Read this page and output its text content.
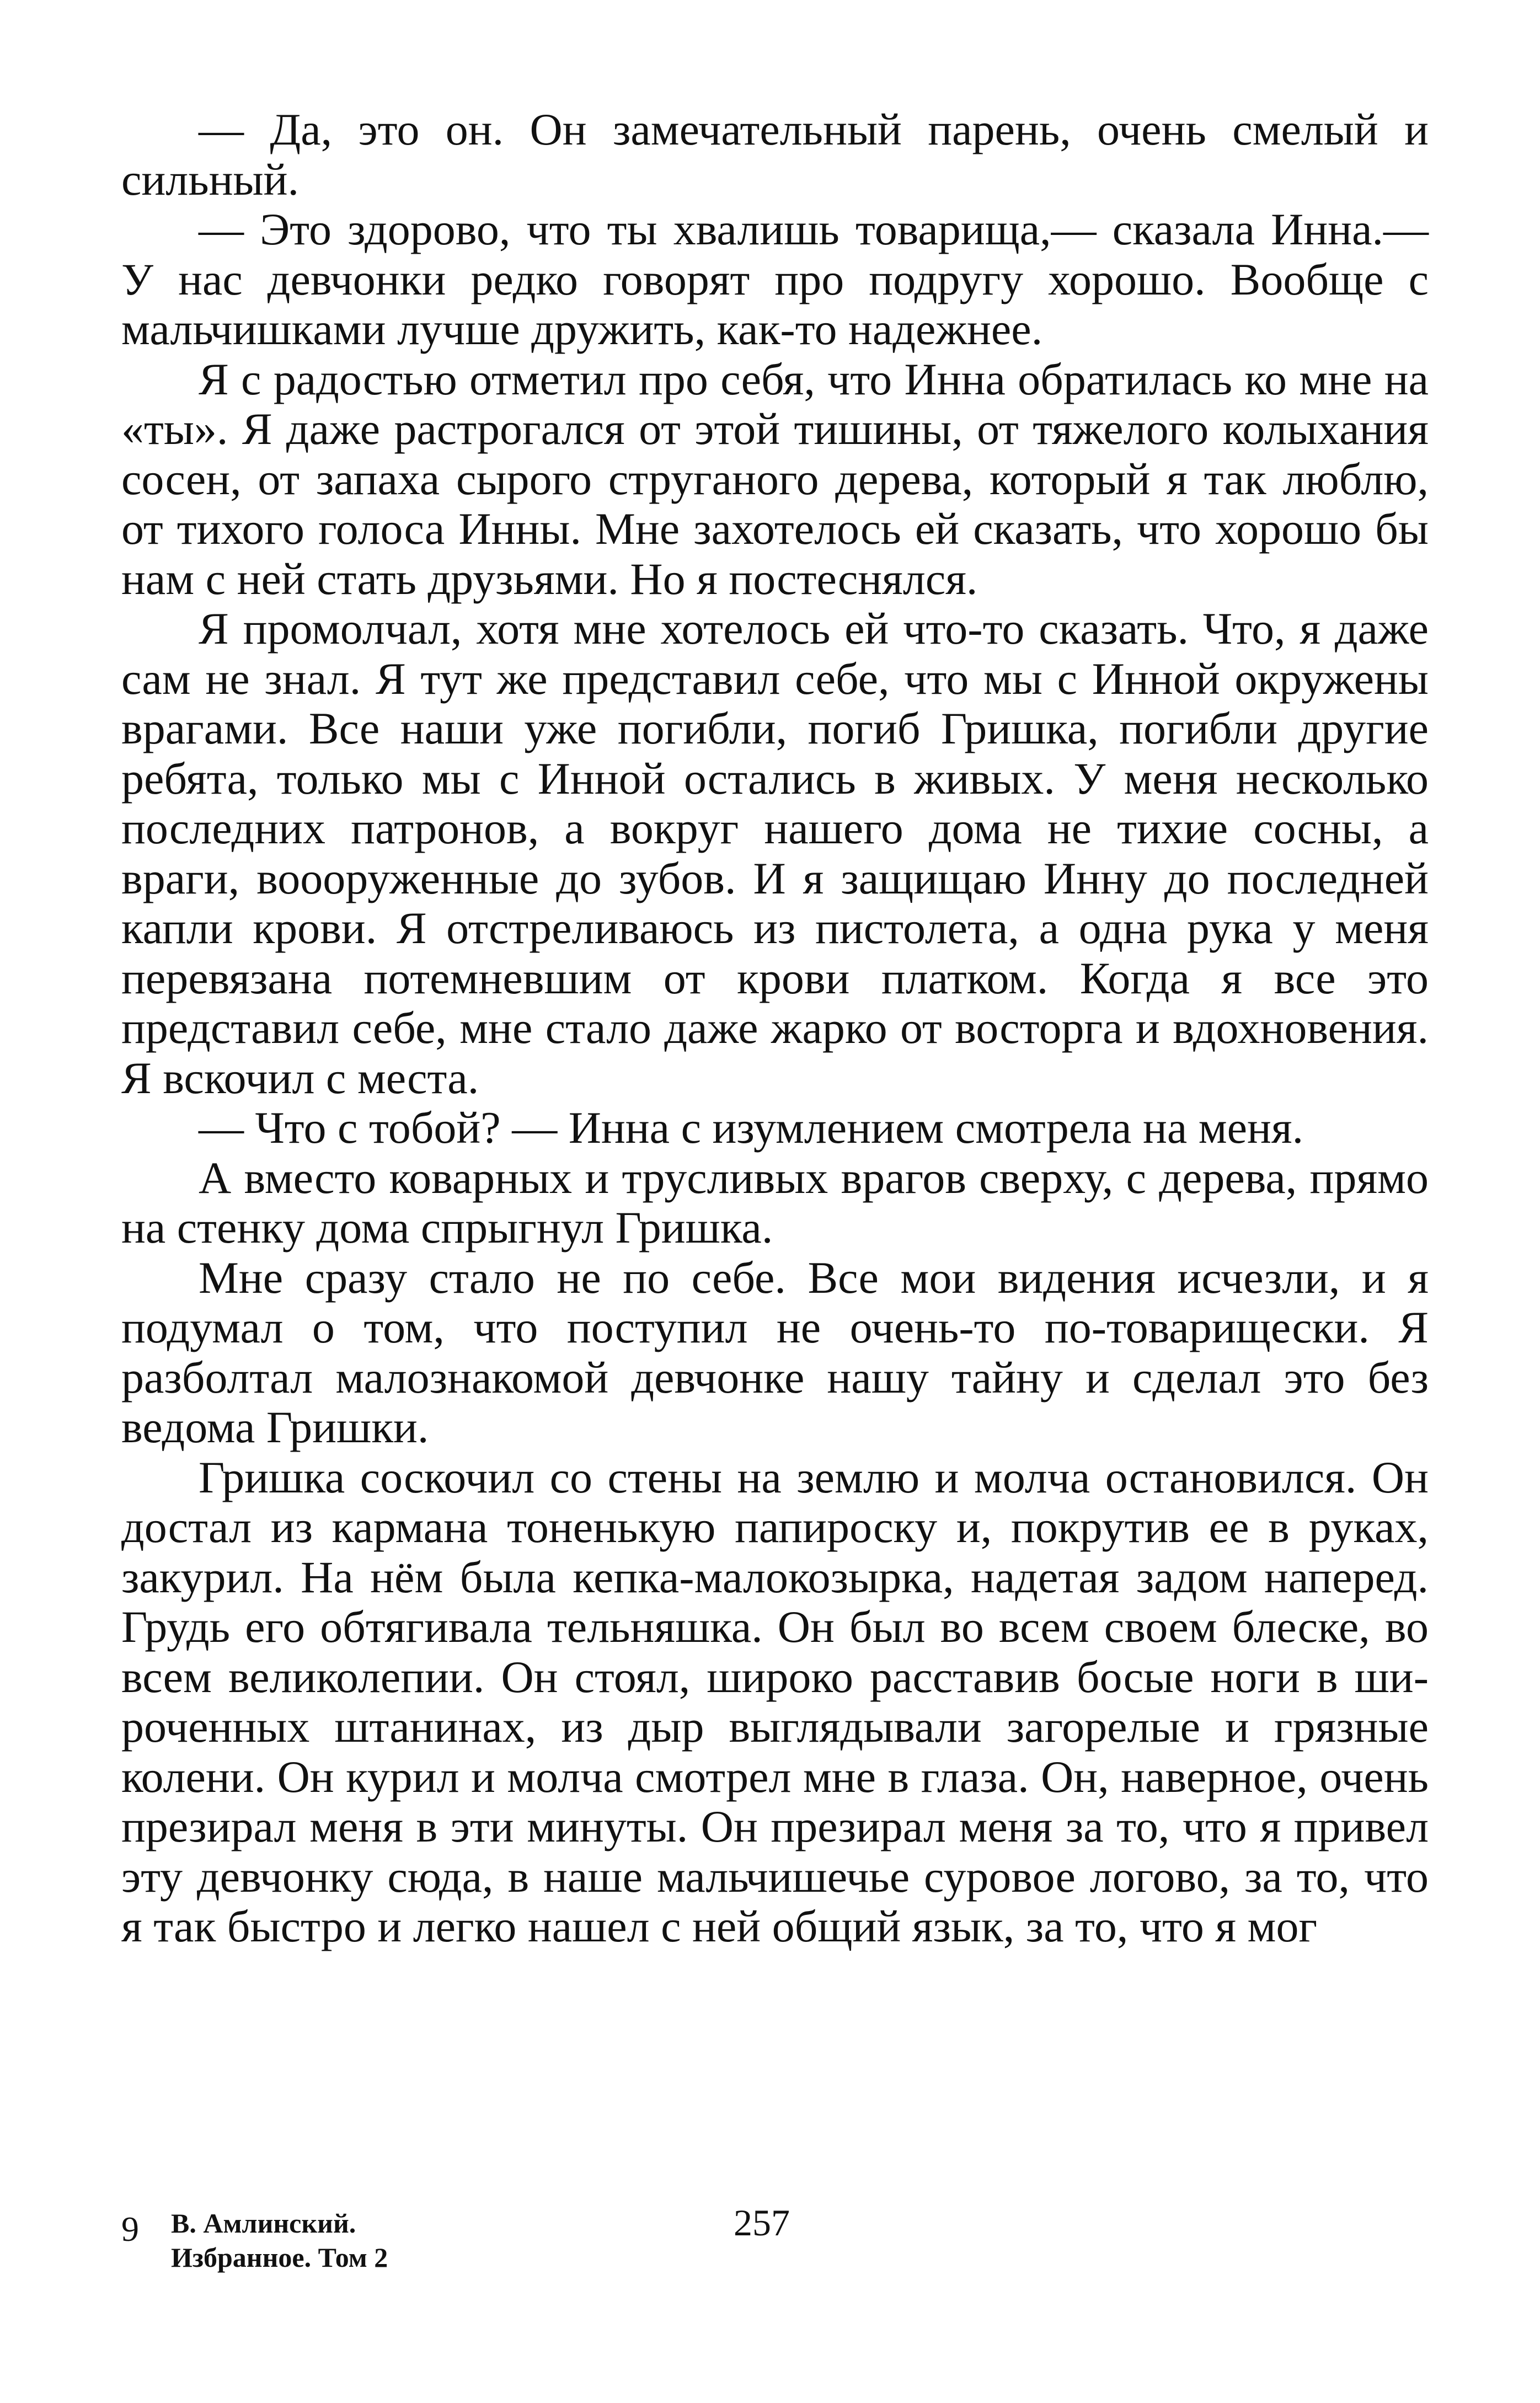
— Да, это он. Он замечательный парень, очень смелый и сильный.

— Это здорово, что ты хвалишь товарища,— сказала Инна.— У нас девчонки редко говорят про подругу хорошо. Вообще с мальчишками лучше дружить, как-то надежнее.

Я с радостью отметил про себя, что Инна обратилась ко мне на «ты». Я даже растрогался от этой тишины, от тяжелого колыхания сосен, от запаха сырого струганого дерева, который я так люблю, от тихого голоса Инны. Мне захотелось ей сказать, что хорошо бы нам с ней стать друзьями. Но я постеснялся.

Я промолчал, хотя мне хотелось ей что-то сказать. Что, я даже сам не знал. Я тут же представил себе, что мы с Инной окружены врагами. Все наши уже погибли, погиб Гришка, погибли другие ребята, только мы с Инной остались в живых. У меня несколько последних патронов, а вокруг нашего дома не тихие сосны, а враги, воооруженные до зубов. И я защищаю Инну до последней капли крови. Я отстреливаюсь из пистолета, а одна рука у меня перевязана потемневшим от крови платком. Когда я все это представил себе, мне стало даже жарко от восторга и вдохновения. Я вскочил с места.

— Что с тобой? — Инна с изумлением смотрела на меня.

А вместо коварных и трусливых врагов сверху, с дерева, прямо на стенку дома спрыгнул Гришка.

Мне сразу стало не по себе. Все мои видения исчезли, и я подумал о том, что поступил не очень-то по-товарищески. Я разболтал малознакомой девчонке нашу тайну и сделал это без ведома Гришки.

Гришка соскочил со стены на землю и молча остановился. Он достал из кармана тоненькую папироску и, покрутив ее в руках, закурил. На нём была кепка-малокозырка, надетая задом наперед. Грудь его обтягивала тельняшка. Он был во всем своем блеске, во всем великолепии. Он стоял, широко расставив босые ноги в широченных штанинах, из дыр выглядывали загорелые и грязные колени. Он курил и молча смотрел мне в глаза. Он, наверное, очень презирал меня в эти минуты. Он презирал меня за то, что я привел эту девчонку сюда, в наше мальчишечье суровое логово, за то, что я так быстро и легко нашел с ней общий язык, за то, что я мог

9 В. Амлинский.
Избранное. Том 2
257
